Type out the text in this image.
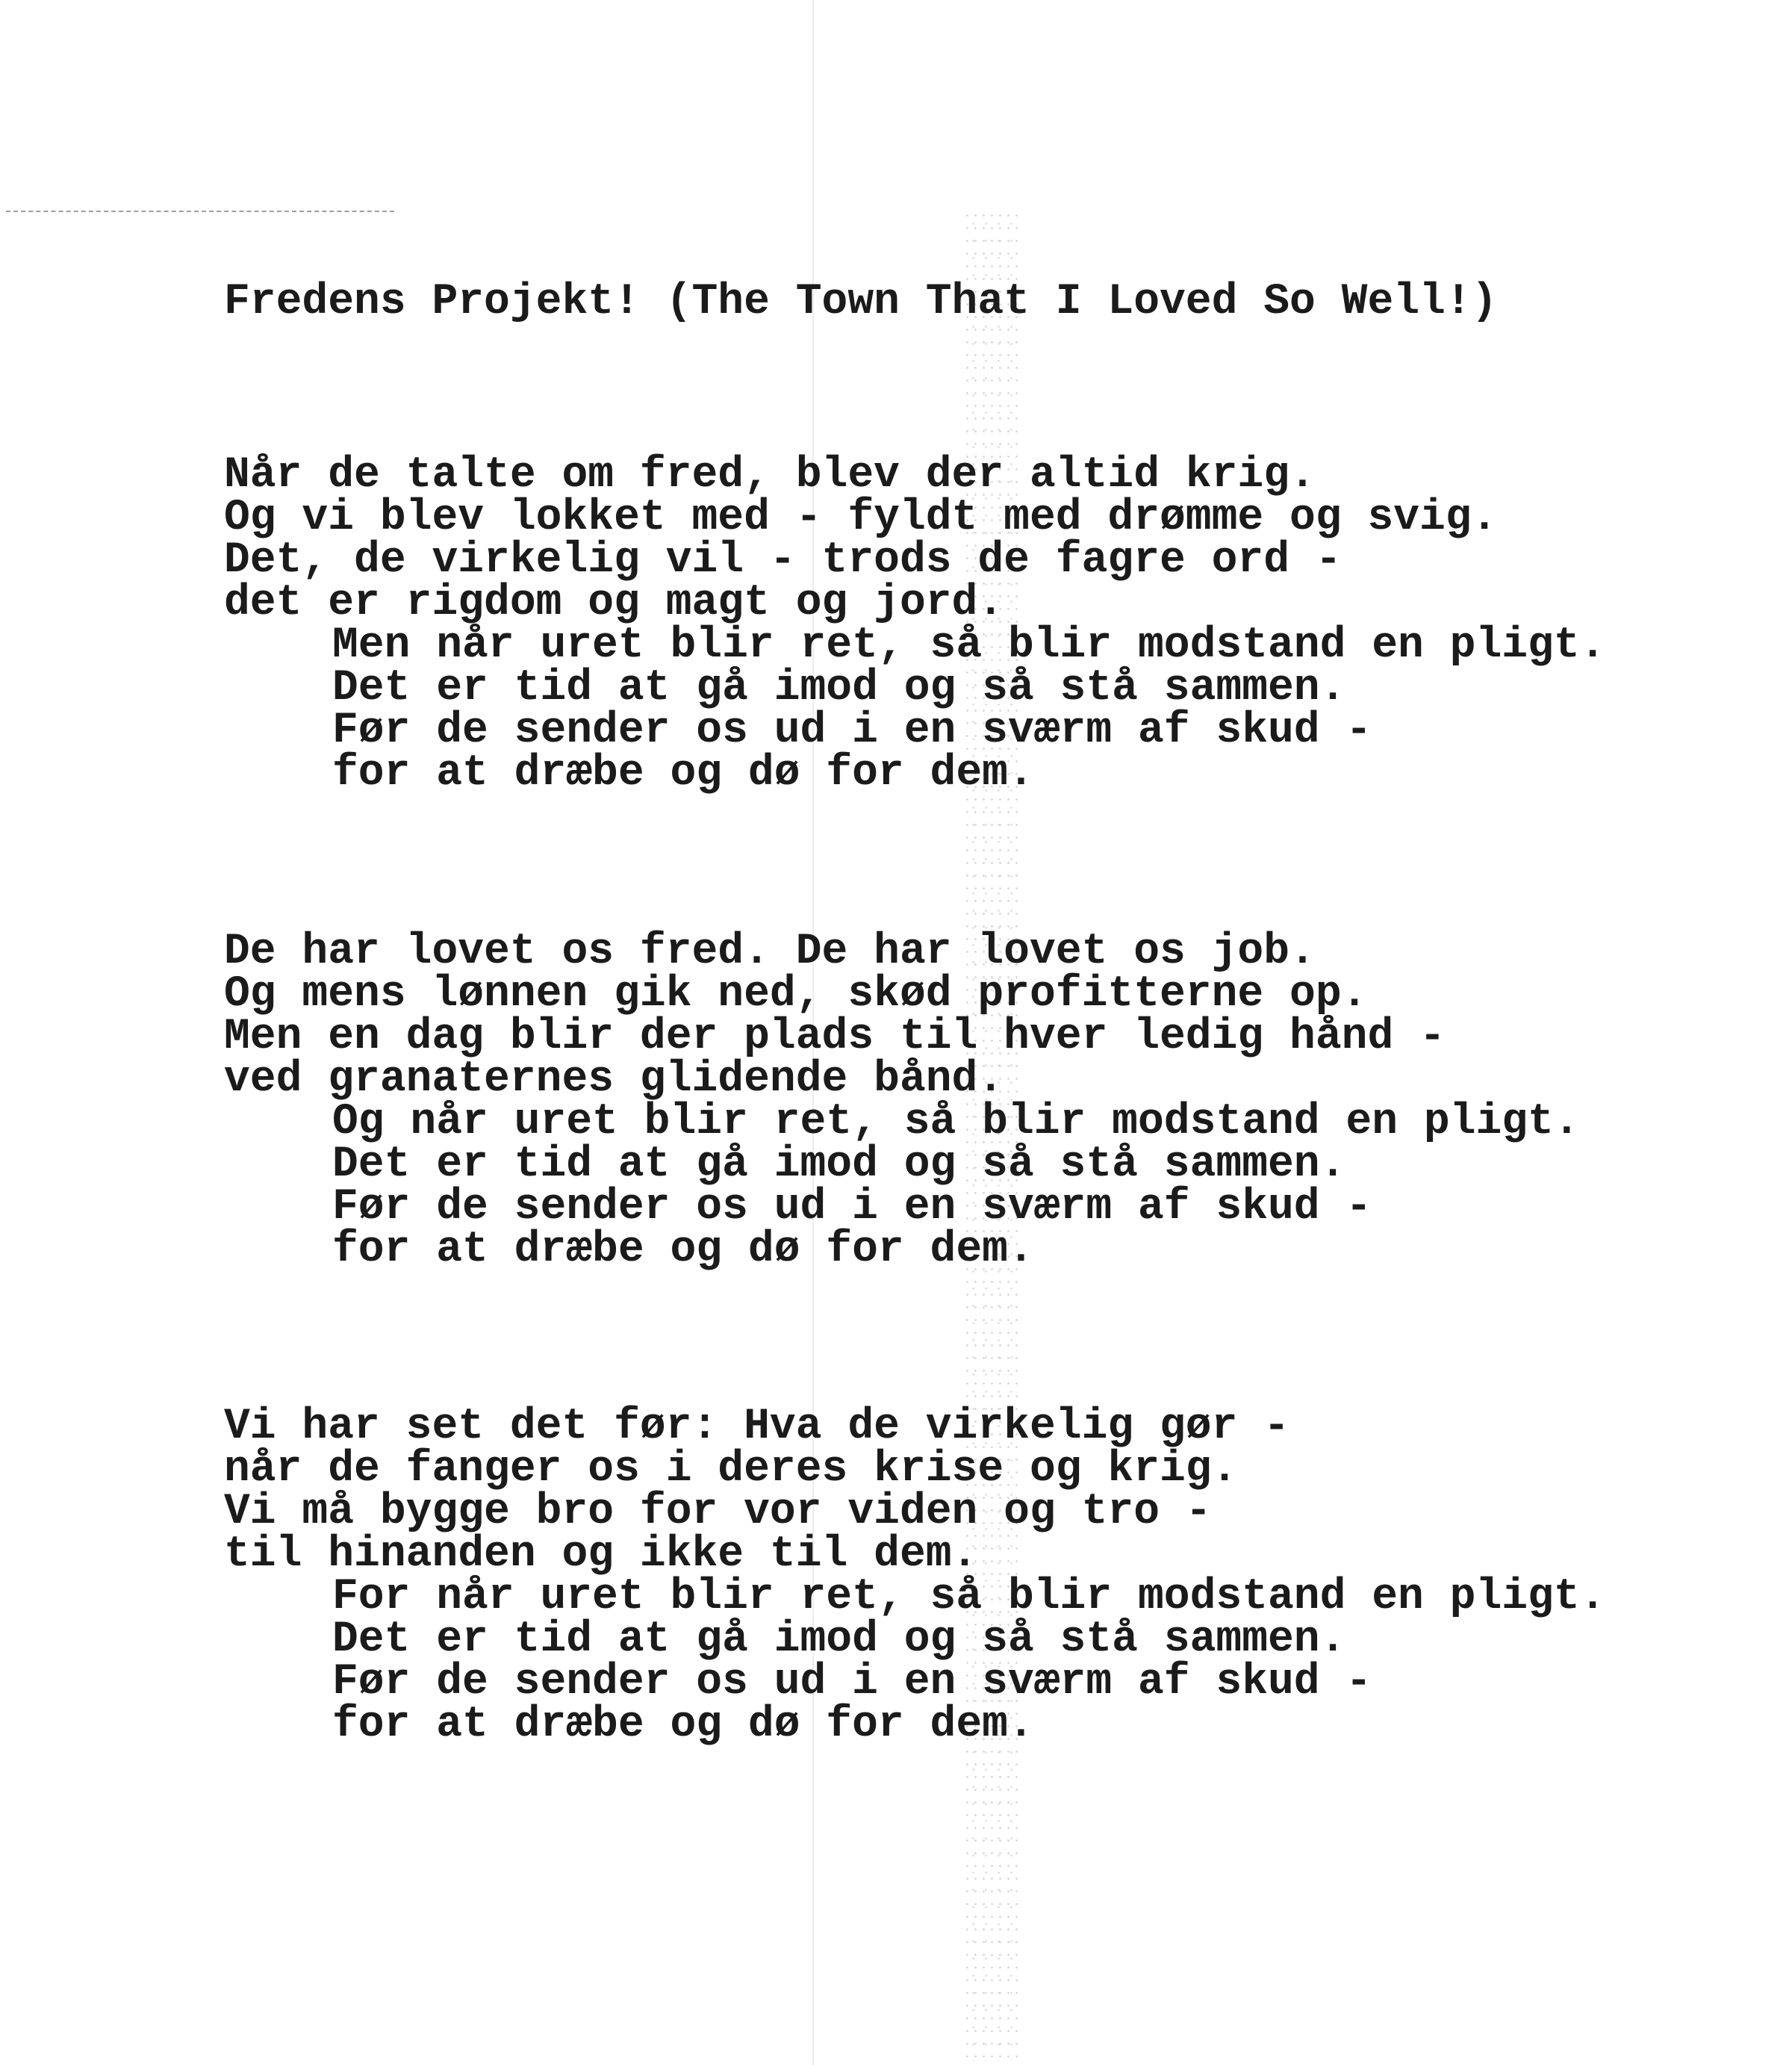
Fredens Projekt! (The Town That I Loved So Well!)
Når de talte om fred, blev der altid krig.
Og vi blev lokket med - fyldt med drømme og svig.
Det, de virkelig vil - trods de fagre ord -
det er rigdom og magt og jord.
Men når uret blir ret, så blir modstand en pligt.
Det er tid at gå imod og så stå sammen.
Før de sender os ud i en sværm af skud -
for at dræbe og dø for dem.
De har lovet os fred. De har lovet os job.
Og mens lønnen gik ned, skød profitterne op.
Men en dag blir der plads til hver ledig hånd -
ved granaternes glidende bånd.
Og når uret blir ret, så blir modstand en pligt.
Det er tid at gå imod og så stå sammen.
Før de sender os ud i en sværm af skud -
for at dræbe og dø for dem.
Vi har set det før: Hva de virkelig gør -
når de fanger os i deres krise og krig.
Vi må bygge bro for vor viden og tro -
til hinanden og ikke til dem.
For når uret blir ret, så blir modstand en pligt.
Det er tid at gå imod og så stå sammen.
Før de sender os ud i en sværm af skud -
for at dræbe og dø for dem.
